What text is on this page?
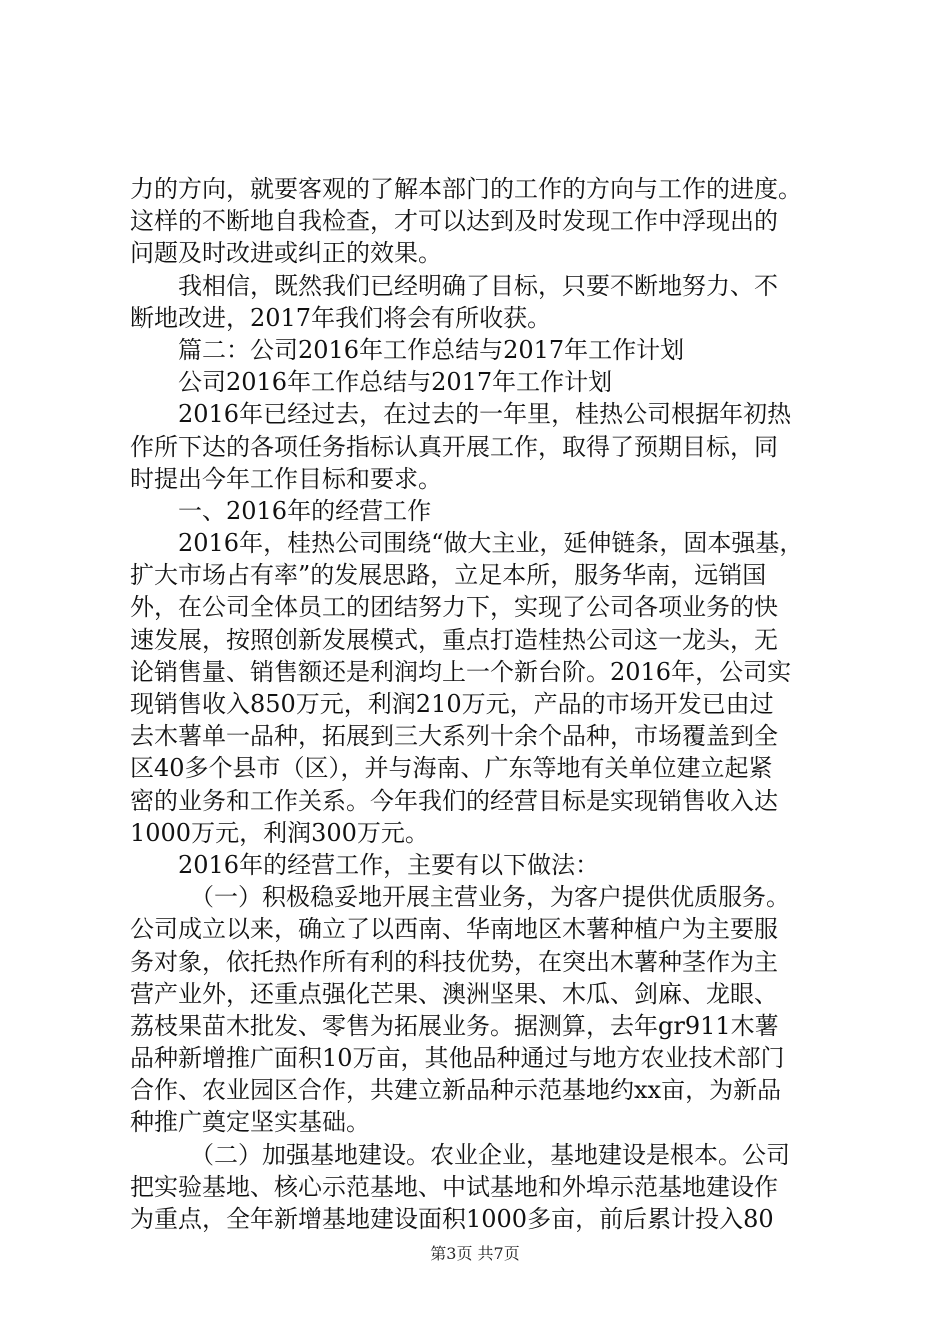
力的方向，就要客观的了解本部门的工作的方向与工作的进度。
这样的不断地自我检查，才可以达到及时发现工作中浮现出的
问题及时改进或纠正的效果。
我相信，既然我们已经明确了目标，只要不断地努力、不
断地改进，2017年我们将会有所收获。
篇二：公司2016年工作总结与2017年工作计划
公司2016年工作总结与2017年工作计划
2016年已经过去，在过去的一年里，桂热公司根据年初热
作所下达的各项任务指标认真开展工作，取得了预期目标，同
时提出今年工作目标和要求。
一、2016年的经营工作
2016年，桂热公司围绕“做大主业，延伸链条，固本强基，
扩大市场占有率”的发展思路，立足本所，服务华南，远销国
外，在公司全体员工的团结努力下，实现了公司各项业务的快
速发展，按照创新发展模式，重点打造桂热公司这一龙头，无
论销售量、销售额还是利润均上一个新台阶。2016年，公司实
现销售收入850万元，利润210万元，产品的市场开发已由过
去木薯单一品种，拓展到三大系列十余个品种，市场覆盖到全
区40多个县市（区），并与海南、广东等地有关单位建立起紧
密的业务和工作关系。今年我们的经营目标是实现销售收入达
1000万元，利润300万元。
2016年的经营工作，主要有以下做法：
（一）积极稳妥地开展主营业务，为客户提供优质服务。
公司成立以来，确立了以西南、华南地区木薯种植户为主要服
务对象，依托热作所有利的科技优势，在突出木薯种茎作为主
营产业外，还重点强化芒果、澳洲坚果、木瓜、剑麻、龙眼、
荔枝果苗木批发、零售为拓展业务。据测算，去年gr911木薯
品种新增推广面积10万亩，其他品种通过与地方农业技术部门
合作、农业园区合作，共建立新品种示范基地约xx亩，为新品
种推广奠定坚实基础。
（二）加强基地建设。农业企业，基地建设是根本。公司
把实验基地、核心示范基地、中试基地和外埠示范基地建设作
为重点，全年新增基地建设面积1000多亩，前后累计投入80
第3页 共7页
